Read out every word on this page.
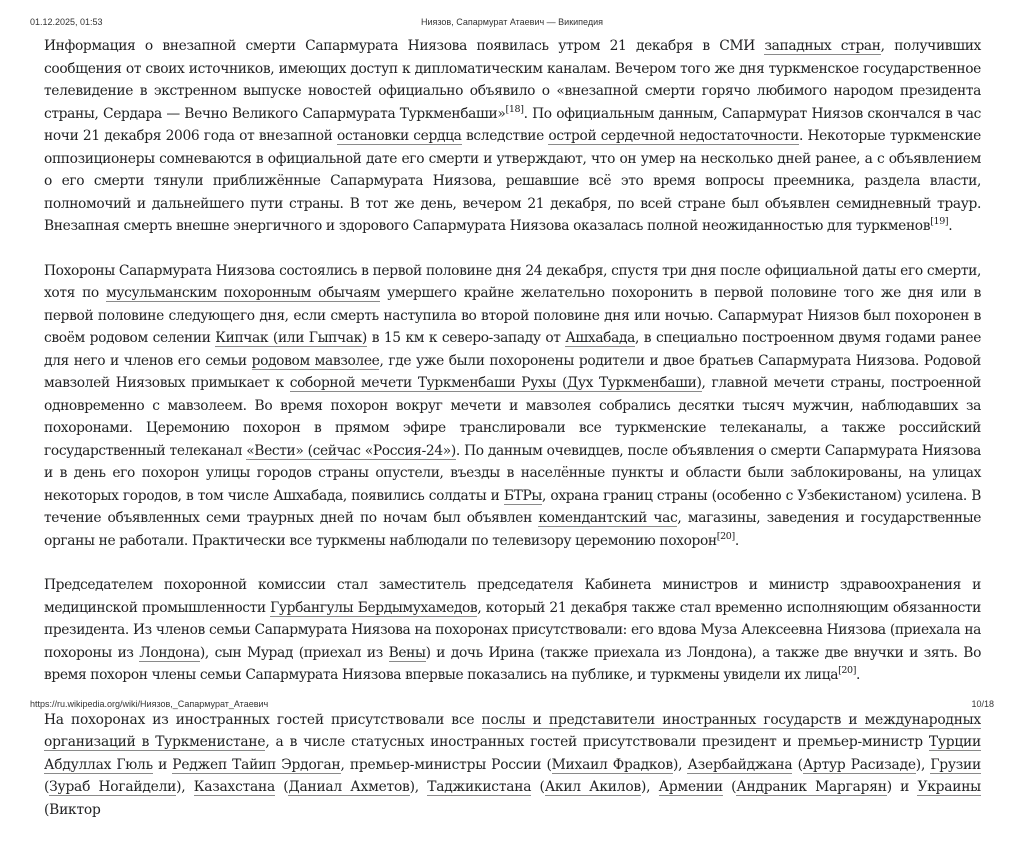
01.12.2025, 01:53	Ниязов, Сапармурат Атаевич — Википедия

Информация о внезапной смерти Сапармурата Ниязова появилась утром 21 декабря в СМИ западных стран, получивших сообщения от своих источников, имеющих доступ к дипломатическим каналам. Вечером того же дня туркменское государственное телевидение в экстренном выпуске новостей официально объявило о «внезапной смерти горячо любимого народом президента страны, Сердара — Вечно Великого Сапармурата Туркменбаши»[18]. По официальным данным, Сапармурат Ниязов скончался в час ночи 21 декабря 2006 года от внезапной остановки сердца вследствие острой сердечной недостаточности. Некоторые туркменские оппозиционеры сомневаются в официальной дате его смерти и утверждают, что он умер на несколько дней ранее, а с объявлением о его смерти тянули приближённые Сапармурата Ниязова, решавшие всё это время вопросы преемника, раздела власти, полномочий и дальнейшего пути страны. В тот же день, вечером 21 декабря, по всей стране был объявлен семидневный траур. Внезапная смерть внешне энергичного и здорового Сапармурата Ниязова оказалась полной неожиданностью для туркменов[19].

Похороны Сапармурата Ниязова состоялись в первой половине дня 24 декабря, спустя три дня после официальной даты его смерти, хотя по мусульманским похоронным обычаям умершего крайне желательно похоронить в первой половине того же дня или в первой половине следующего дня, если смерть наступила во второй половине дня или ночью. Сапармурат Ниязов был похоронен в своём родовом селении Кипчак (или Гыпчак) в 15 км к северо-западу от Ашхабада, в специально построенном двумя годами ранее для него и членов его семьи родовом мавзолее, где уже были похоронены родители и двое братьев Сапармурата Ниязова. Родовой мавзолей Ниязовых примыкает к соборной мечети Туркменбаши Рухы (Дух Туркменбаши), главной мечети страны, построенной одновременно с мавзолеем. Во время похорон вокруг мечети и мавзолея собрались десятки тысяч мужчин, наблюдавших за похоронами. Церемонию похорон в прямом эфире транслировали все туркменские телеканалы, а также российский государственный телеканал «Вести» (сейчас «Россия-24»). По данным очевидцев, после объявления о смерти Сапармурата Ниязова и в день его похорон улицы городов страны опустели, въезды в населённые пункты и области были заблокированы, на улицах некоторых городов, в том числе Ашхабада, появились солдаты и БТРы, охрана границ страны (особенно с Узбекистаном) усилена. В течение объявленных семи траурных дней по ночам был объявлен комендантский час, магазины, заведения и государственные органы не работали. Практически все туркмены наблюдали по телевизору церемонию похорон[20].

Председателем похоронной комиссии стал заместитель председателя Кабинета министров и министр здравоохранения и медицинской промышленности Гурбангулы Бердымухамедов, который 21 декабря также стал временно исполняющим обязанности президента. Из членов семьи Сапармурата Ниязова на похоронах присутствовали: его вдова Муза Алексеевна Ниязова (приехала на похороны из Лондона), сын Мурад (приехал из Вены) и дочь Ирина (также приехала из Лондона), а также две внучки и зять. Во время похорон члены семьи Сапармурата Ниязова впервые показались на публике, и туркмены увидели их лица[20].

На похоронах из иностранных гостей присутствовали все послы и представители иностранных государств и международных организаций в Туркменистане, а в числе статусных иностранных гостей присутствовали президент и премьер-министр Турции Абдуллах Гюль и Реджеп Тайип Эрдоган, премьер-министры России (Михаил Фрадков), Азербайджана (Артур Расизаде), Грузии (Зураб Ногайдели), Казахстана (Даниал Ахметов), Таджикистана (Акил Акилов), Армении (Андраник Маргарян) и Украины (Виктор

https://ru.wikipedia.org/wiki/Ниязов,_Сапармурат_Атаевич	10/18
